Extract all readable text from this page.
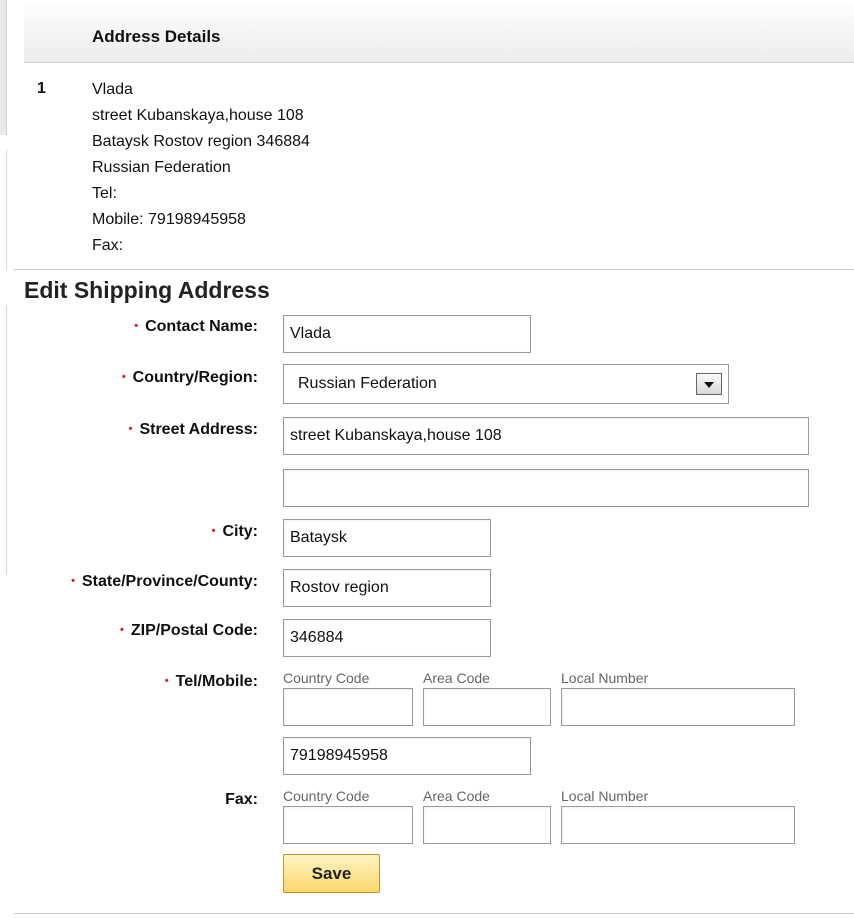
Address Details
1	Vlada
street Kubanskaya,house 108
Bataysk Rostov region 346884
Russian Federation
Tel:
Mobile: 79198945958
Fax:
Edit Shipping Address
• Contact Name:	Vlada
• Country/Region:	Russian Federation
• Street Address:	street Kubanskaya,house 108
• City:	Bataysk
• State/Province/County:	Rostov region
• ZIP/Postal Code:	346884
• Tel/Mobile: Country Code	Area Code	Local Number
79198945958
Fax: Country Code	Area Code	Local Number
Save
